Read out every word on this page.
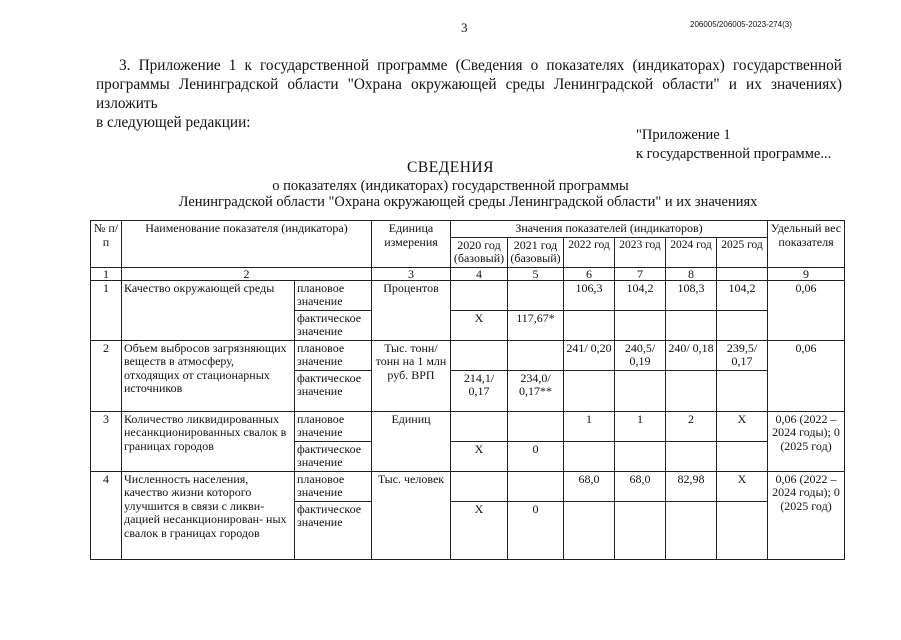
3	206005/206005-2023-274(3)
3. Приложение 1 к государственной программе (Сведения о показателях (индикаторах) государственной
программы Ленинградской области "Охрана окружающей среды Ленинградской области" и их значениях) изложить
в следующей редакции:
"Приложение 1
к государственной программе...
СВЕДЕНИЯ
о показателях (индикаторах) государственной программы
Ленинградской области "Охрана окружающей среды Ленинградской области" и их значениях
№ п/п	Наименование показателя (индикатора)		Единица измерения	Значения показателей (индикаторов)						Удельный вес показателя
				2020 год (базовый)	2021 год (базовый)	2022 год	2023 год	2024 год	2025 год	
1	2		3	4	5	6	7	8		9
1	Качество окружающей среды	плановое значение	Процентов			106,3	104,2	108,3	104,2	0,06
		фактическое значение		Х	117,67*					
2	Объем выбросов загрязняющих веществ в атмосферу, отходящих от стационарных источников	плановое значение	Тыс. тонн/тонн на 1 млн руб. ВРП			241/ 0,20	240,5/ 0,19	240/ 0,18	239,5/ 0,17	0,06
		фактическое значение		214,1/ 0,17	234,0/ 0,17**					
3	Количество ликвидированных несанкционированных свалок в границах городов	плановое значение	Единиц			1	1	2	Х	0,06 (2022 – 2024 годы); 0 (2025 год)
		фактическое значение		Х	0					
4	Численность населения, качество жизни которого улучшится в связи с ликви- дацией несанкционирован- ных свалок в границах городов	плановое значение	Тыс. человек			68,0	68,0	82,98	Х	0,06 (2022 – 2024 годы); 0 (2025 год)
		фактическое значение		Х	0					
